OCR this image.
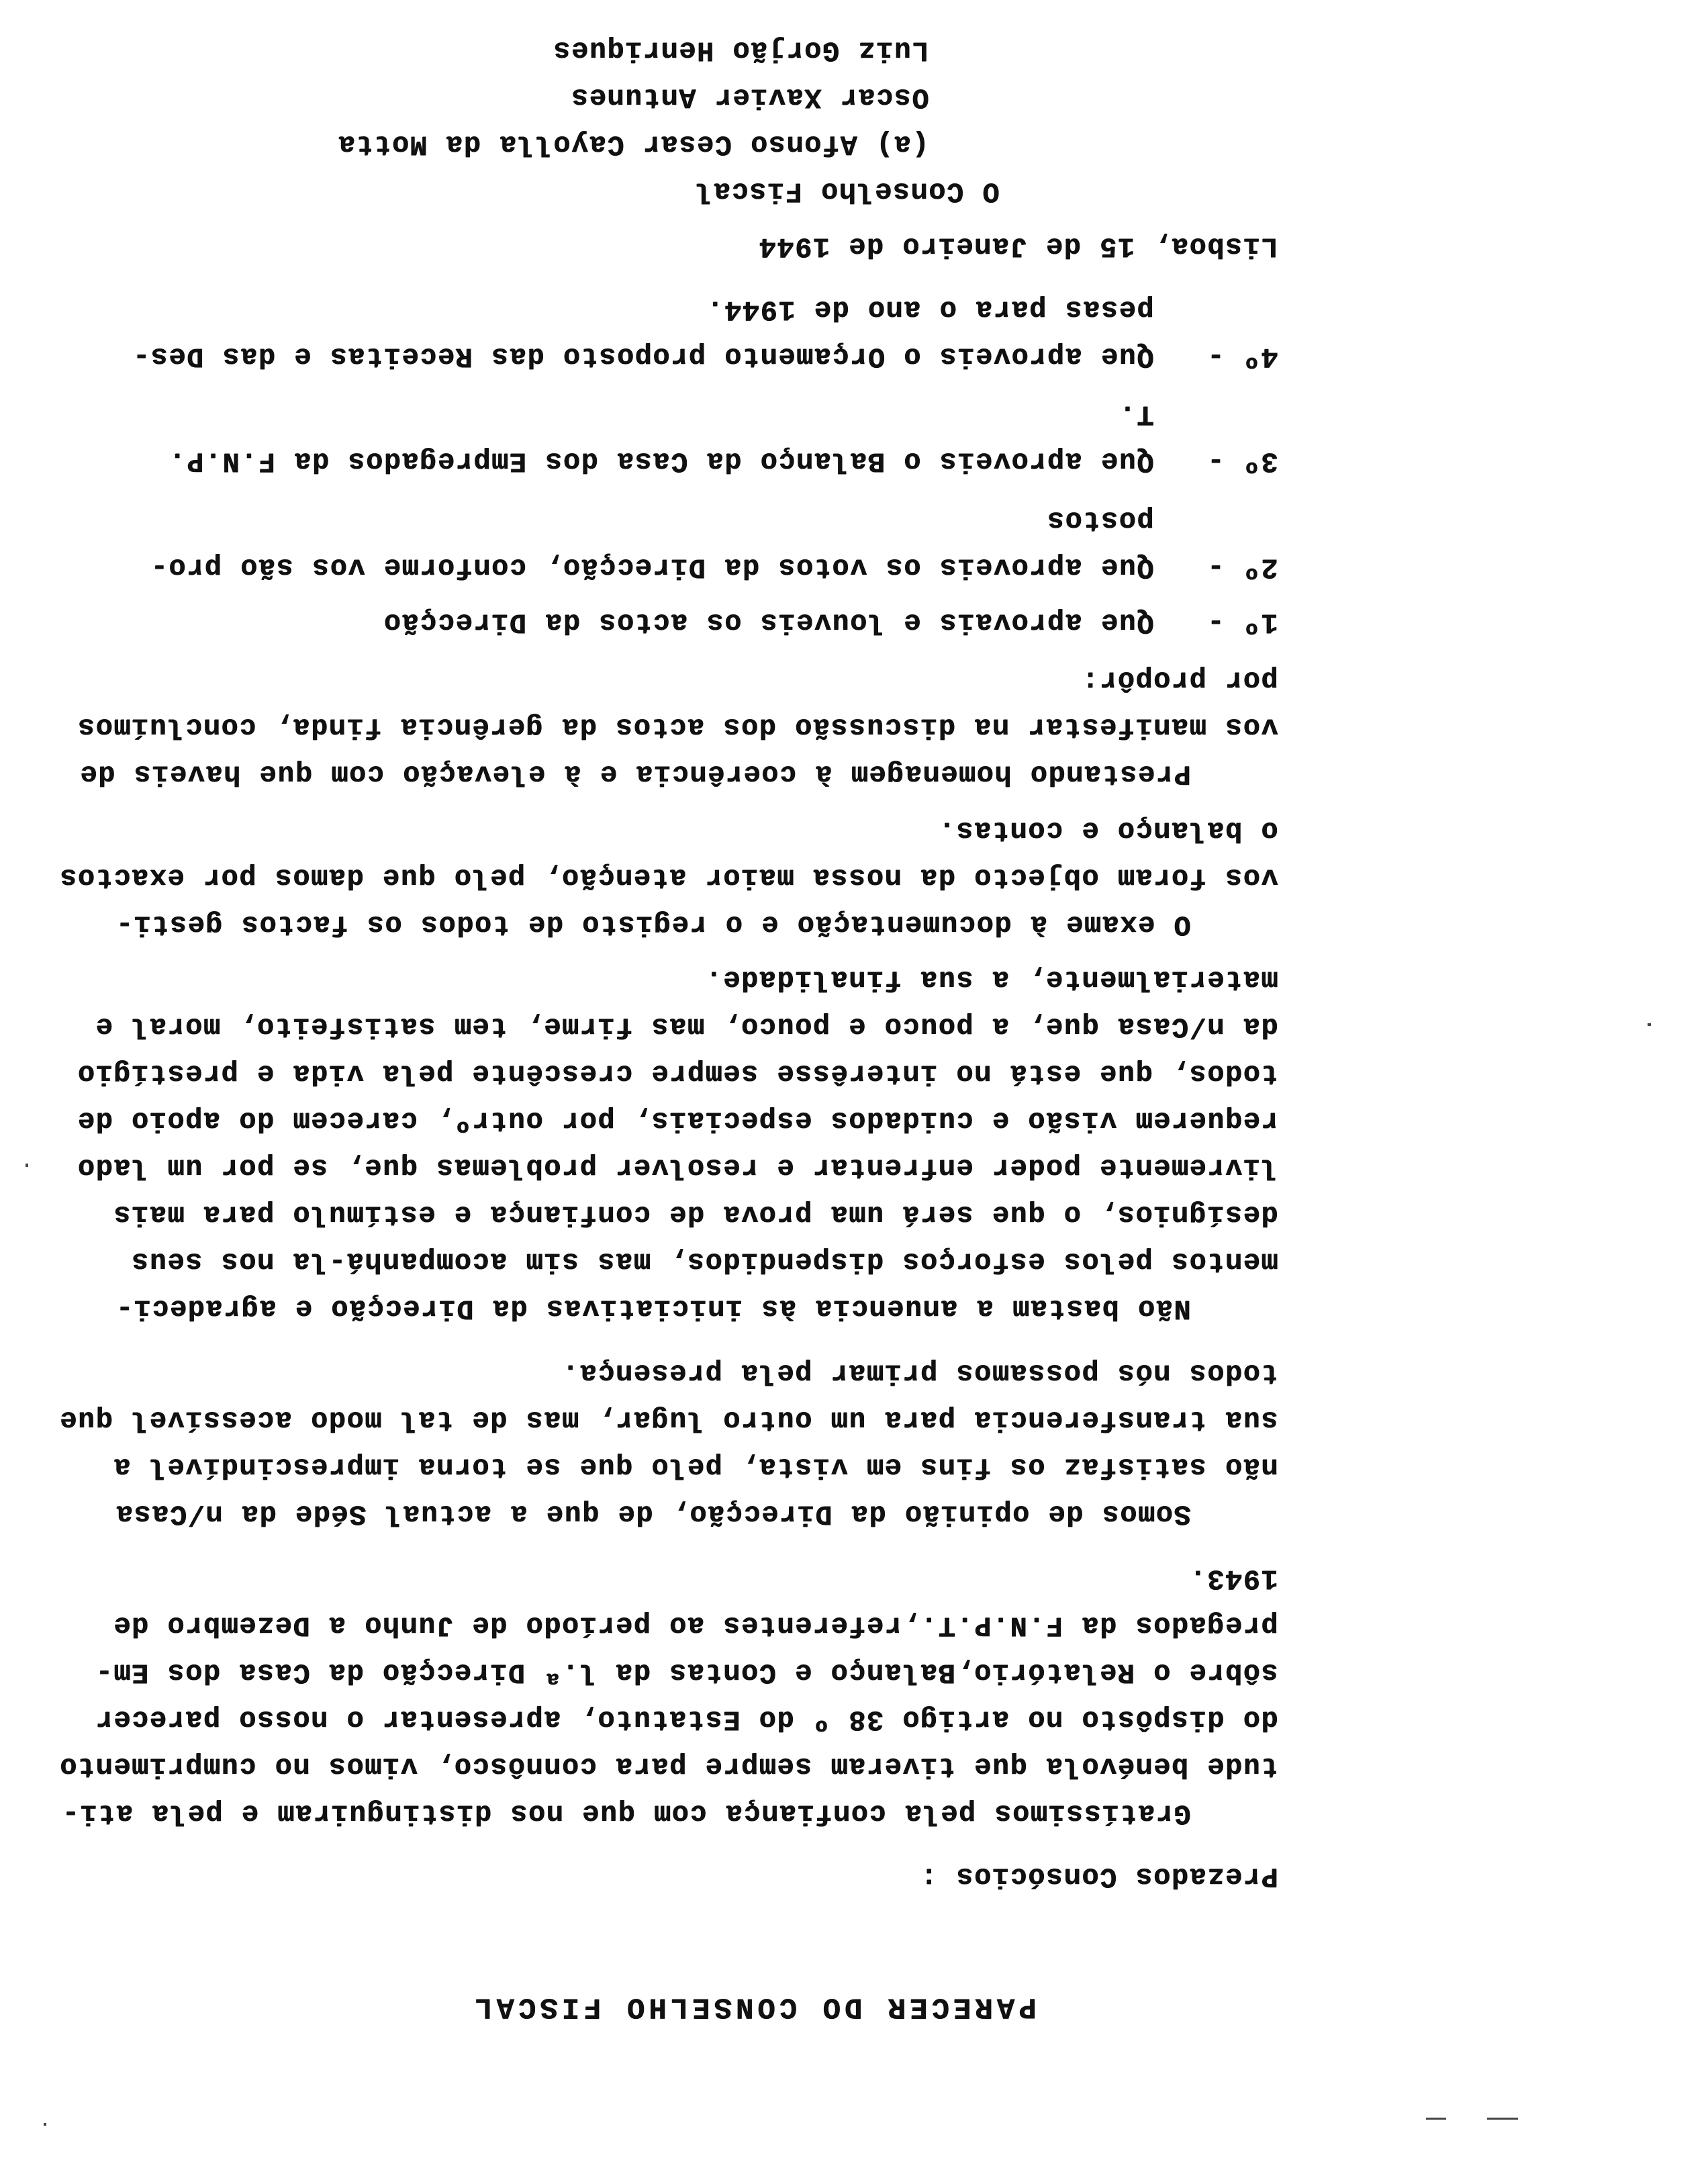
PARECER DO CONSELHO FISCAL
Prezados Consócios :
Gratíssimos pela confiança com que nos distinguiram e pela ati-
tude benévola que tiveram sempre para connôsco, vimos no cumprimento
do dispôsto no artigo 38 º do Estatuto, apresentar o nosso parecer
sôbre o Relatório,Balanço e Contas da l.ª Direcção da Casa dos Em-
pregados da F.N.P.T.,referentes ao período de Junho a Dezembro de
1943.
Somos de opinião da Direcção, de que a actual Séde da n/Casa
não satisfaz os fins em vista, pelo que se torna imprescindível a
sua transferencia para um outro lugar, mas de tal modo acessível que
todos nós possamos primar pela presença.
Não bastam a anuencia às iniciativas da Direcção e agradeci-
mentos pelos esforços dispendidos, mas sim acompanhá-la nos seus
desígnios, o que será uma prova de confiança e estímulo para mais
livremente poder enfrentar e resolver problemas que, se por um lado
requerem visão e cuidados especiais, por outrº, carecem do apoio de
todos, que está no interêsse sempre crescênte pela vida e prestígio
da n/Casa que, a pouco e pouco, mas firme, tem satisfeito, moral e
materialmente, a sua finalidade.
O exame à documentação e o registo de todos os factos gesti-
vos foram objecto da nossa maior atenção, pelo que damos por exactos
o balanço e contas.
Prestando homenagem à coerência e à elevação com que haveis de
vos manifestar na discussão dos actos da gerência finda, concluímos
por propôr:
1º -
Que aprovais e louveis os actos da Direcção
2º -
Que aproveis os votos da Direcção, conforme vos são pro-
postos
3º -
Que aproveis o Balanço da Casa dos Empregados da F.N.P.
T.
4º -
Que aproveis o Orçamento proposto das Receitas e das Des-
pesas para o ano de 1944.
Lisboa, 15 de Janeiro de 1944
O Conselho Fiscal
(a) Afonso Cesar Cayolla da Motta
Oscar Xavier Antunes
Luiz Gorjão Henriques
